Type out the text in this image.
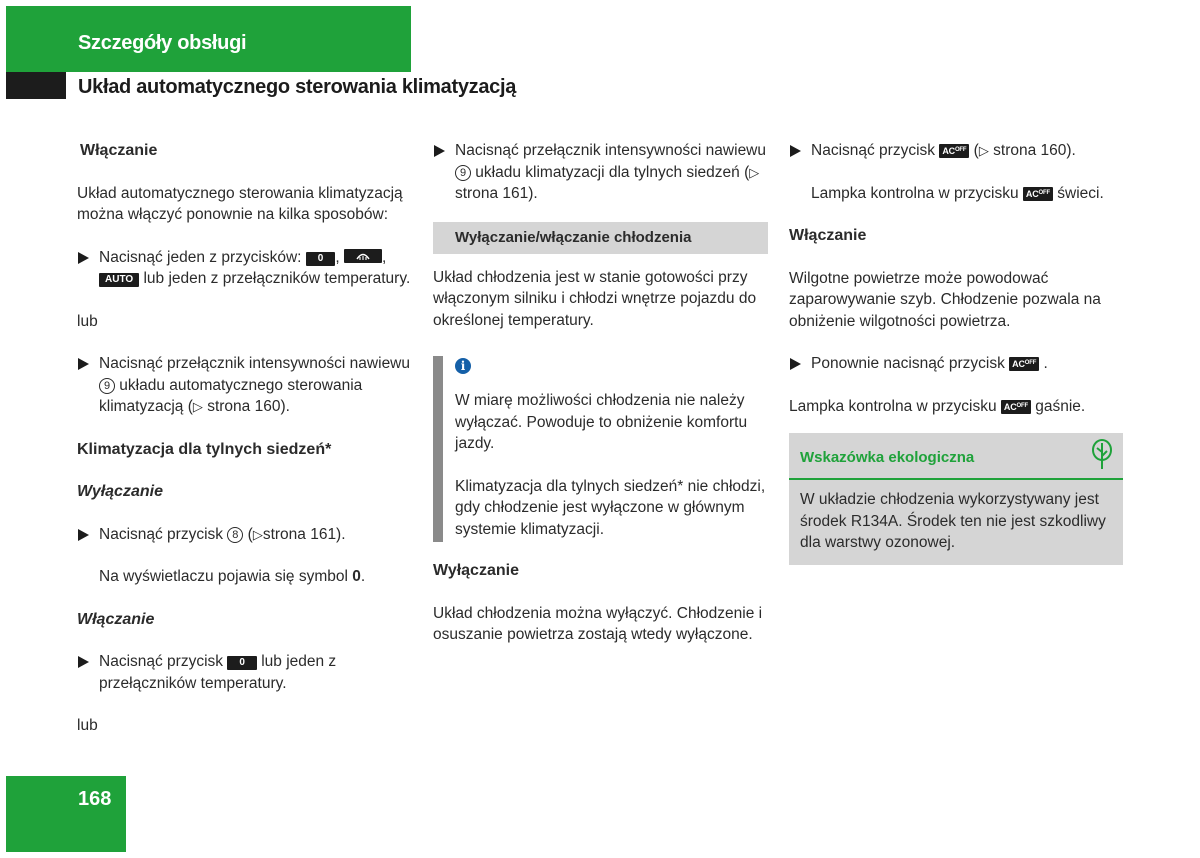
Szczegóły obsługi
Układ automatycznego sterowania klimatyzacją

Włączanie

Układ automatycznego sterowania klimatyzacją można włączyć ponownie na kilka sposobów:

Nacisnąć jeden z przycisków: 0 , , AUTO lub jeden z przełączników temperatury.

lub

Nacisnąć przełącznik intensywności nawiewu 9 układu automatycznego sterowania klimatyzacją (▷ strona 160).

Klimatyzacja dla tylnych siedzeń*

Wyłączanie

Nacisnąć przycisk 8 (▷strona 161).

Na wyświetlaczu pojawia się symbol 0.

Włączanie

Nacisnąć przycisk 0 lub jeden z przełączników temperatury.

lub

Nacisnąć przełącznik intensywności nawiewu 9 układu klimatyzacji dla tylnych siedzeń (▷ strona 161).

Wyłączanie/włączanie chłodzenia

Układ chłodzenia jest w stanie gotowości przy włączonym silniku i chłodzi wnętrze pojazdu do określonej temperatury.

i

W miarę możliwości chłodzenia nie należy wyłączać. Powoduje to obniżenie komfortu jazdy.

Klimatyzacja dla tylnych siedzeń* nie chłodzi, gdy chłodzenie jest wyłączone w głównym systemie klimatyzacji.

Wyłączanie

Układ chłodzenia można wyłączyć. Chłodzenie i osuszanie powietrza zostają wtedy wyłączone.

Nacisnąć przycisk $AC^{OFF}$ (▷ strona 160).

Lampka kontrolna w przycisku $AC^{OFF}$ świeci.

Włączanie

Wilgotne powietrze może powodować zaparowywanie szyb. Chłodzenie pozwala na obniżenie wilgotności powietrza.

Ponownie nacisnąć przycisk $AC^{OFF}$ .

Lampka kontrolna w przycisku $AC^{OFF}$ gaśnie.

Wskazówka ekologiczna

W układzie chłodzenia wykorzystywany jest środek R134A. Środek ten nie jest szkodliwy dla warstwy ozonowej.

168
